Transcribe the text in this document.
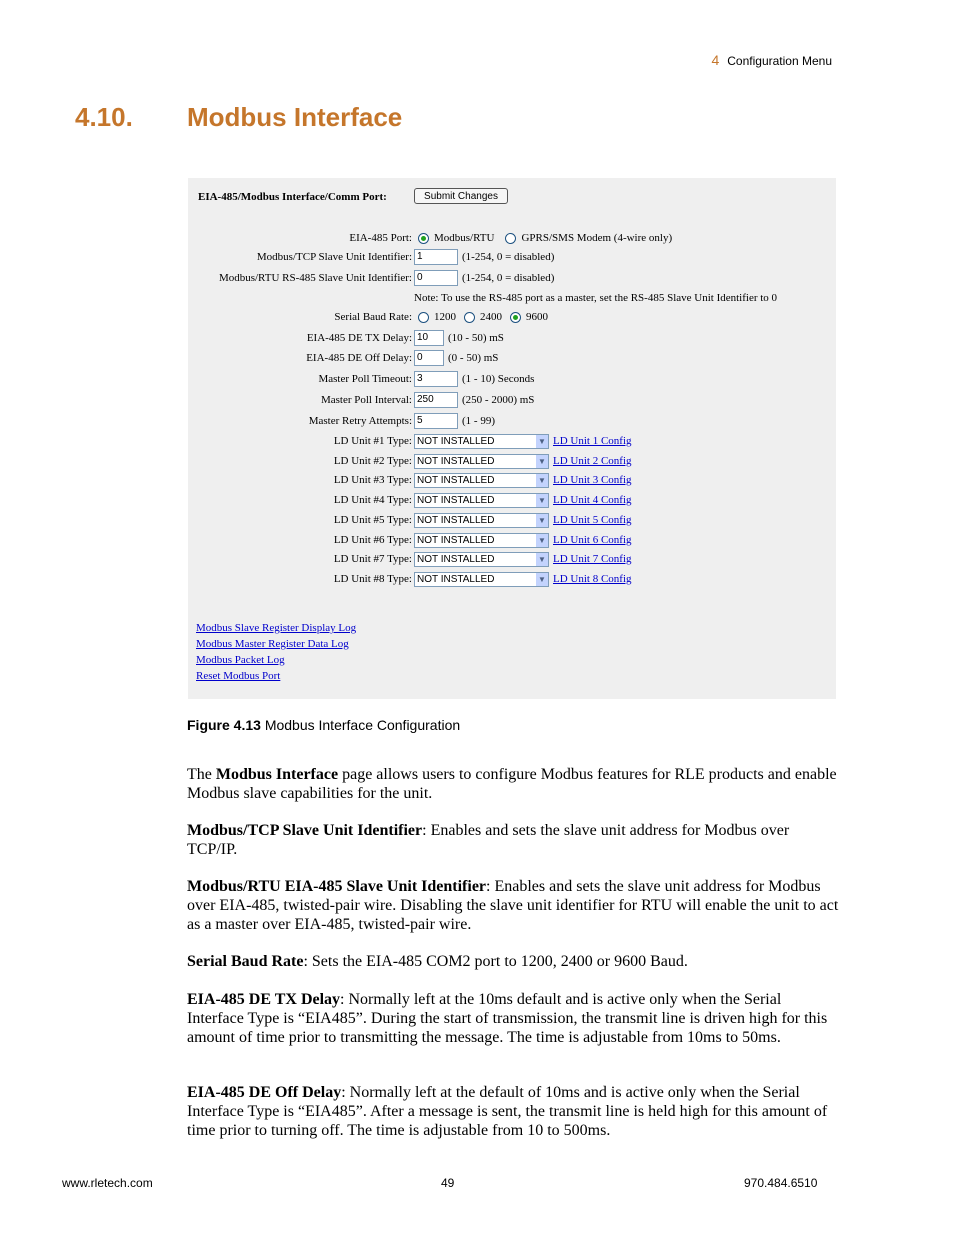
4 Configuration Menu
4.10. Modbus Interface
EIA-485/Modbus Interface/Comm Port:	Submit Changes
EIA-485 Port: Modbus/RTU GPRS/SMS Modem (4-wire only)
Modbus/TCP Slave Unit Identifier: 1	(1-254, 0 = disabled)
Modbus/RTU RS-485 Slave Unit Identifier: 0	(1-254, 0 = disabled)
Note: To use the RS-485 port as a master, set the RS-485 Slave Unit Identifier to 0
Serial Baud Rate: 1200 2400 9600
EIA-485 DE TX Delay: 10	(10 - 50) mS
EIA-485 DE Off Delay: 0	(0 - 50) mS
Master Poll Timeout: 3	(1 - 10) Seconds
Master Poll Interval: 250	(250 - 2000) mS
Master Retry Attempts: 5	(1 - 99)
LD Unit #1 Type: NOT INSTALLED	▼ LD Unit 1 Config
LD Unit #2 Type: NOT INSTALLED	▼ LD Unit 2 Config
LD Unit #3 Type: NOT INSTALLED	▼ LD Unit 3 Config
LD Unit #4 Type: NOT INSTALLED	▼ LD Unit 4 Config
LD Unit #5 Type: NOT INSTALLED	▼ LD Unit 5 Config
LD Unit #6 Type: NOT INSTALLED	▼ LD Unit 6 Config
LD Unit #7 Type: NOT INSTALLED	▼ LD Unit 7 Config
LD Unit #8 Type: NOT INSTALLED	▼ LD Unit 8 Config
Modbus Slave Register Display Log
Modbus Master Register Data Log
Modbus Packet Log
Reset Modbus Port
Figure 4.13 Modbus Interface Configuration
The Modbus Interface page allows users to configure Modbus features for RLE products and enable Modbus slave capabilities for the unit.
Modbus/TCP Slave Unit Identifier: Enables and sets the slave unit address for Modbus over TCP/IP.
Modbus/RTU EIA-485 Slave Unit Identifier: Enables and sets the slave unit address for Modbus over EIA-485, twisted-pair wire. Disabling the slave unit identifier for RTU will enable the unit to act as a master over EIA-485, twisted-pair wire.
Serial Baud Rate: Sets the EIA-485 COM2 port to 1200, 2400 or 9600 Baud.
EIA-485 DE TX Delay: Normally left at the 10ms default and is active only when the Serial Interface Type is “EIA485”. During the start of transmission, the transmit line is driven high for this amount of time prior to transmitting the message. The time is adjustable from 10ms to 50ms.
EIA-485 DE Off Delay: Normally left at the default of 10ms and is active only when the Serial Interface Type is “EIA485”. After a message is sent, the transmit line is held high for this amount of time prior to turning off. The time is adjustable from 10 to 500ms.
www.rletech.com	49	970.484.6510
